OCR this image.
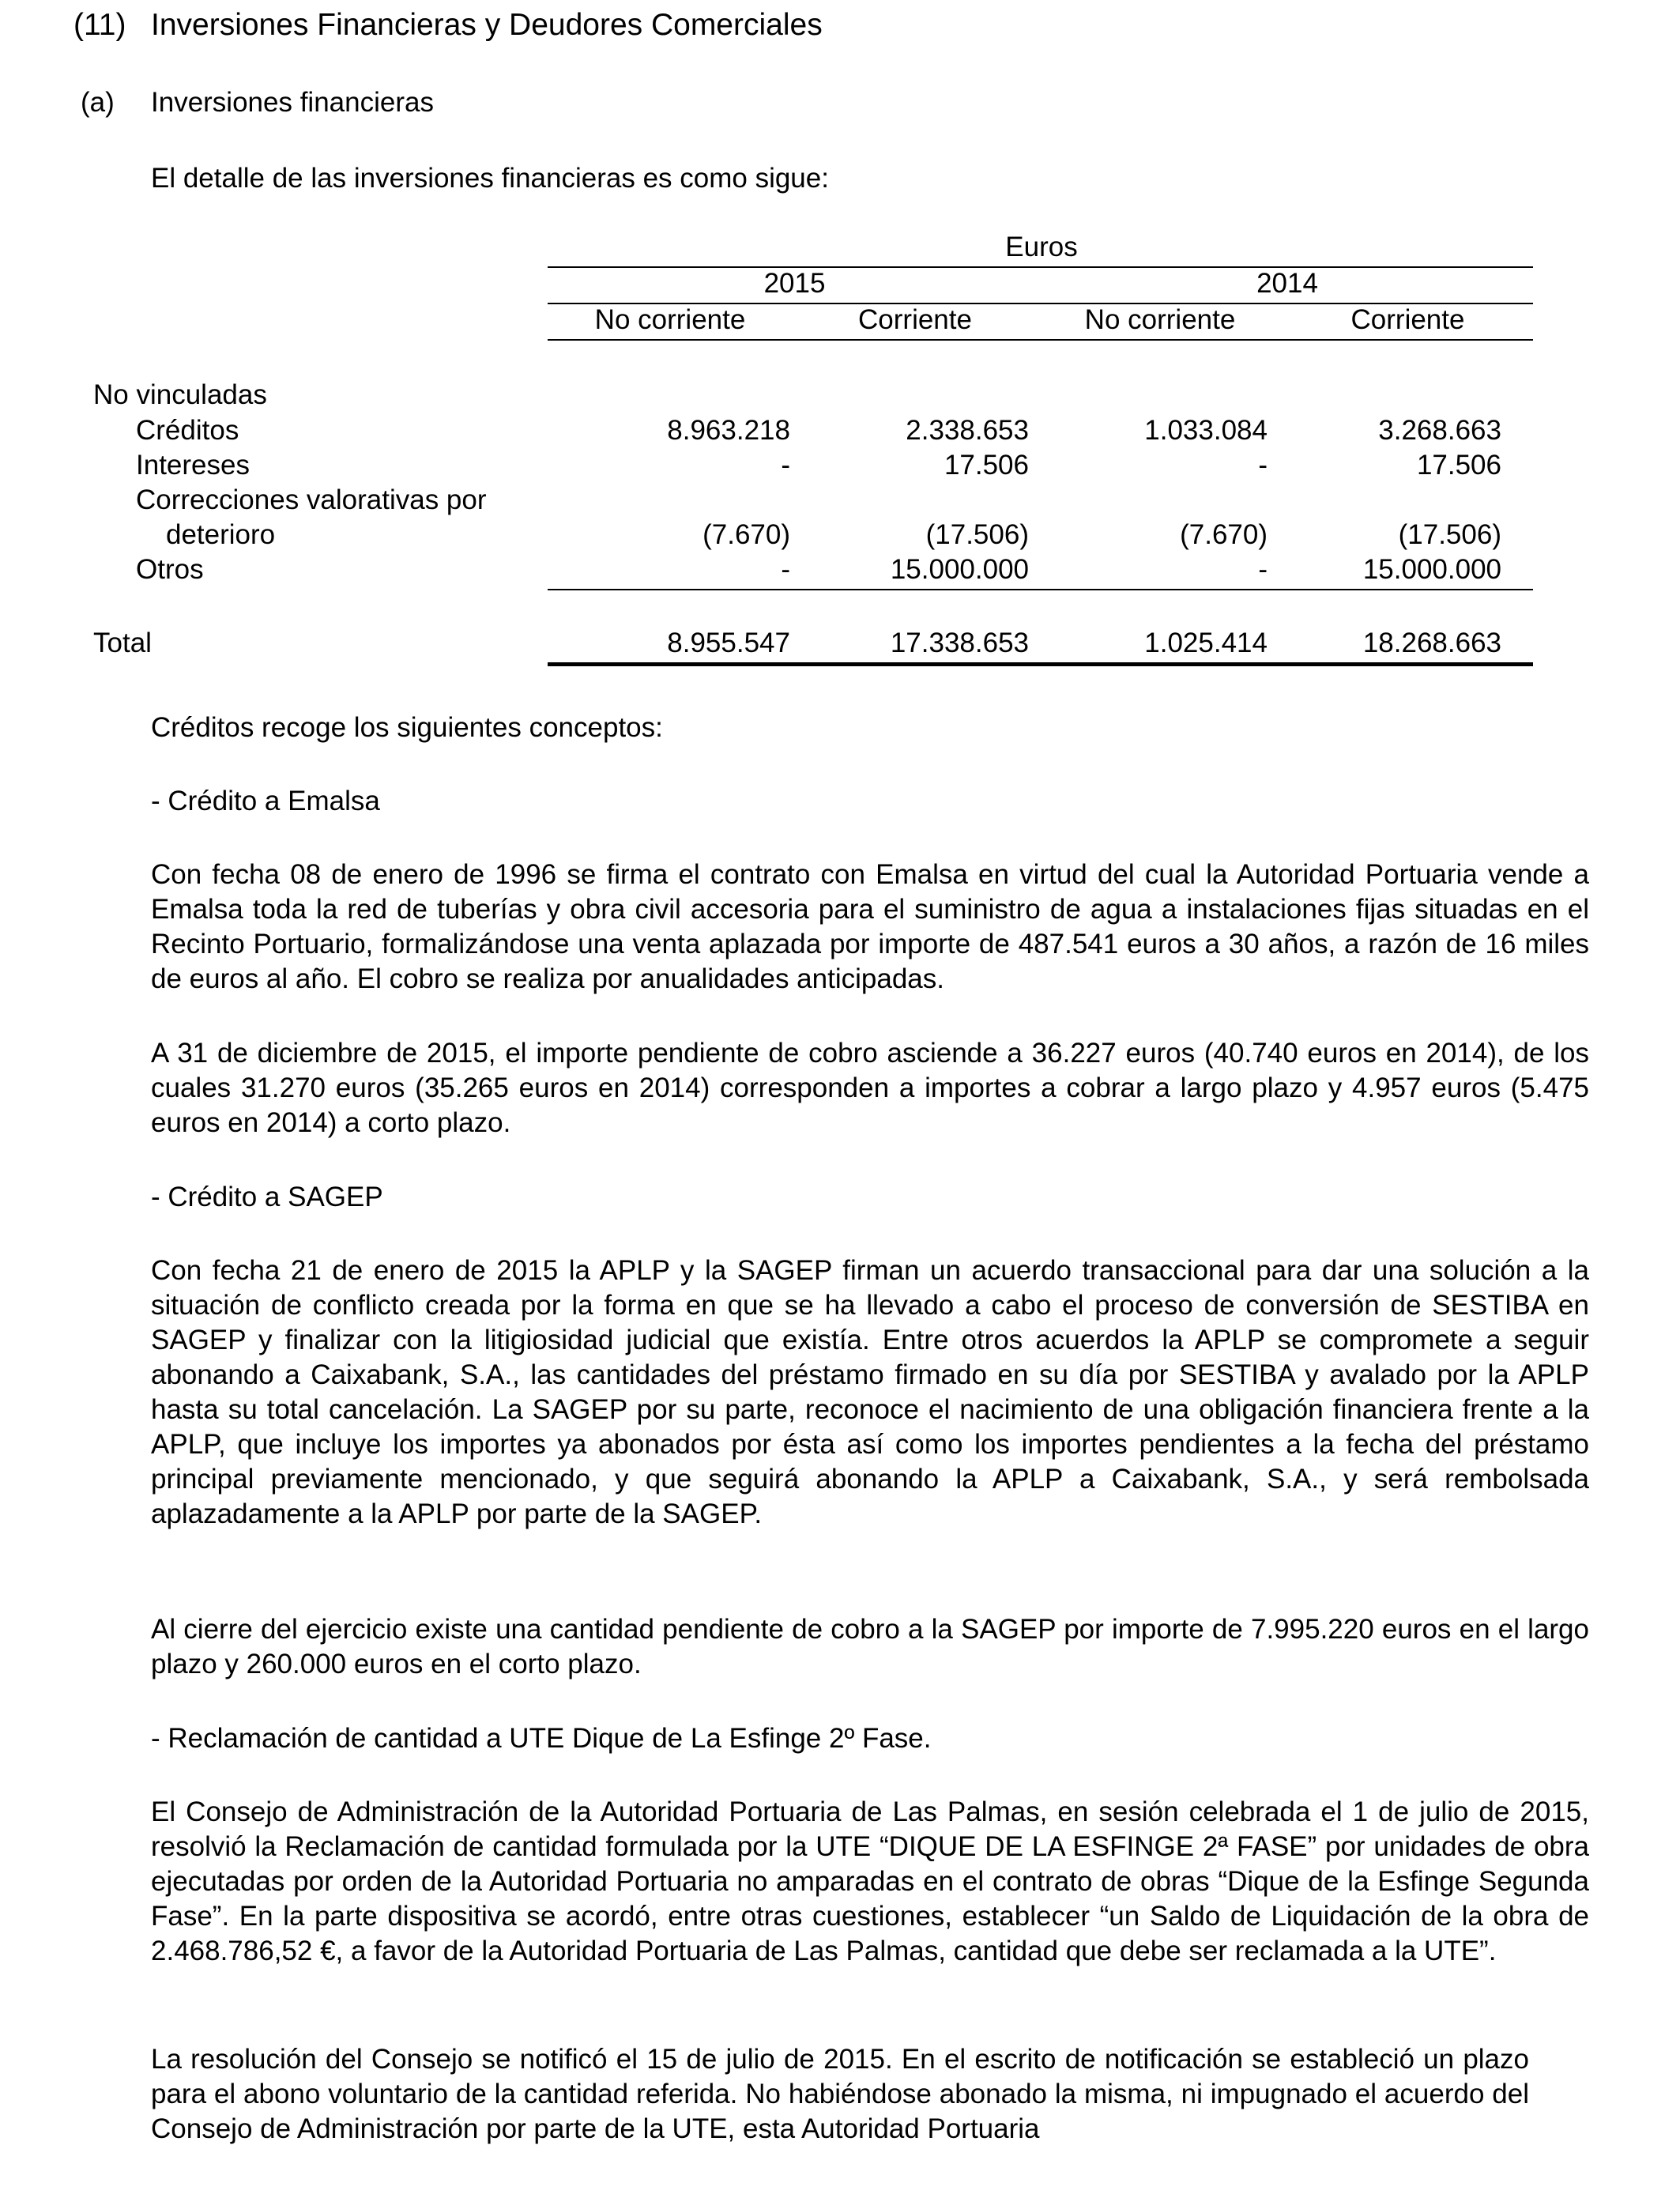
(11) Inversiones Financieras y Deudores Comerciales
(a) Inversiones financieras
El detalle de las inversiones financieras es como sigue:
Euros
2015	2014
No corriente	Corriente	No corriente	Corriente
No vinculadas
Créditos	8.963.218	2.338.653	1.033.084	3.268.663
Intereses	-	17.506	-	17.506
Correcciones valorativas por
deterioro	(7.670)	(17.506)	(7.670)	(17.506)
Otros	-	15.000.000	-	15.000.000
Total	8.955.547	17.338.653	1.025.414	18.268.663
Créditos recoge los siguientes conceptos:
- Crédito a Emalsa
Con fecha 08 de enero de 1996 se firma el contrato con Emalsa en virtud del cual la Autoridad Portuaria vende a Emalsa toda la red de tuberías y obra civil accesoria para el suministro de agua a instalaciones fijas situadas en el Recinto Portuario, formalizándose una venta aplazada por importe de 487.541 euros a 30 años, a razón de 16 miles de euros al año. El cobro se realiza por anualidades anticipadas.
A 31 de diciembre de 2015, el importe pendiente de cobro asciende a 36.227 euros (40.740 euros en 2014), de los cuales 31.270 euros (35.265 euros en 2014) corresponden a importes a cobrar a largo plazo y 4.957 euros (5.475 euros en 2014) a corto plazo.
- Crédito a SAGEP
Con fecha 21 de enero de 2015 la APLP y la SAGEP firman un acuerdo transaccional para dar una solución a la situación de conflicto creada por la forma en que se ha llevado a cabo el proceso de conversión de SESTIBA en SAGEP y finalizar con la litigiosidad judicial que existía. Entre otros acuerdos la APLP se compromete a seguir abonando a Caixabank, S.A., las cantidades del préstamo firmado en su día por SESTIBA y avalado por la APLP hasta su total cancelación. La SAGEP por su parte, reconoce el nacimiento de una obligación financiera frente a la APLP, que incluye los importes ya abonados por ésta así como los importes pendientes a la fecha del préstamo principal previamente mencionado, y que seguirá abonando la APLP a Caixabank, S.A., y será rembolsada aplazadamente a la APLP por parte de la SAGEP.
Al cierre del ejercicio existe una cantidad pendiente de cobro a la SAGEP por importe de 7.995.220 euros en el largo plazo y 260.000 euros en el corto plazo.
- Reclamación de cantidad a UTE Dique de La Esfinge 2º Fase.
El Consejo de Administración de la Autoridad Portuaria de Las Palmas, en sesión celebrada el 1 de julio de 2015, resolvió la Reclamación de cantidad formulada por la UTE “DIQUE DE LA ESFINGE 2ª FASE” por unidades de obra ejecutadas por orden de la Autoridad Portuaria no amparadas en el contrato de obras “Dique de la Esfinge Segunda Fase”. En la parte dispositiva se acordó, entre otras cuestiones, establecer “un Saldo de Liquidación de la obra de 2.468.786,52 €, a favor de la Autoridad Portuaria de Las Palmas, cantidad que debe ser reclamada a la UTE”.
La resolución del Consejo se notificó el 15 de julio de 2015. En el escrito de notificación se estableció un plazo para el abono voluntario de la cantidad referida. No habiéndose abonado la misma, ni impugnado el acuerdo del Consejo de Administración por parte de la UTE, esta Autoridad Portuaria
